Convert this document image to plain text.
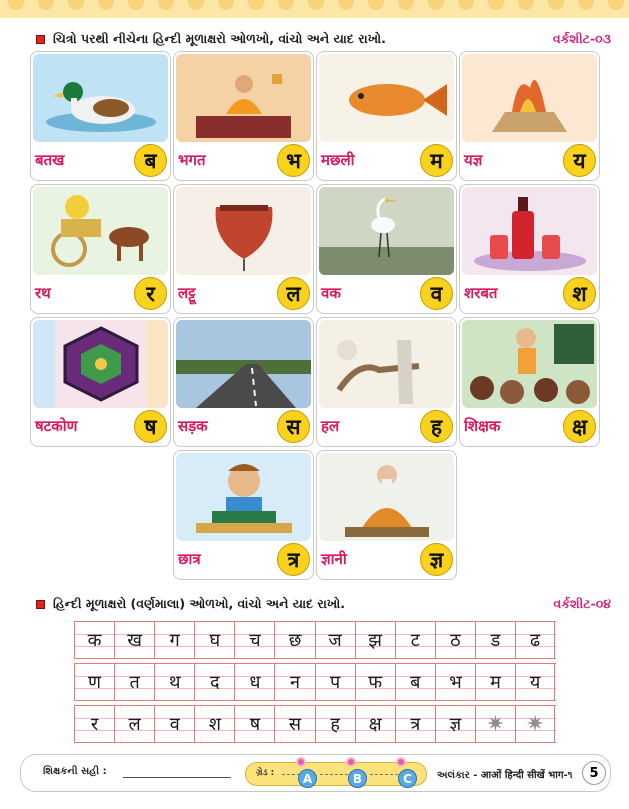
ચિત્રો પરથી નીચેના હિન્દી મૂળાક્ષરો ઓળખો, વાંચો અને યાદ રાખો.	વર્કશીટ-૦૩
बतख	ब	भगत	भ	मछली	म	यज्ञ	य
रथ	र	लट्टू	ल	वक	व	शरबत	श
षटकोण	ष	सड़क	स	हल	ह	शिक्षक	क्ष
छात्र	त्र	ज्ञानी	ज्ञ
હિન્દી મૂળાક્ષરો (વર્ણમાલા) ઓળખો, વાંચો અને યાદ રાખો.	વર્કશીટ-૦૪
क	ख	ग	घ	च	छ	ज	झ	ट	ठ	ड	ढ
ण	त	थ	द	ध	न	प	फ	ब	भ	म	य
र	ल	व	श	ष	स	ह	क्ष	त्र	ज्ञ	✷ ✷
શિક્ષકની સહી :	ગ્રેડ :	A	B	C	અલંકાર - आओं हिन्दी सीखें भाग-૧	5
